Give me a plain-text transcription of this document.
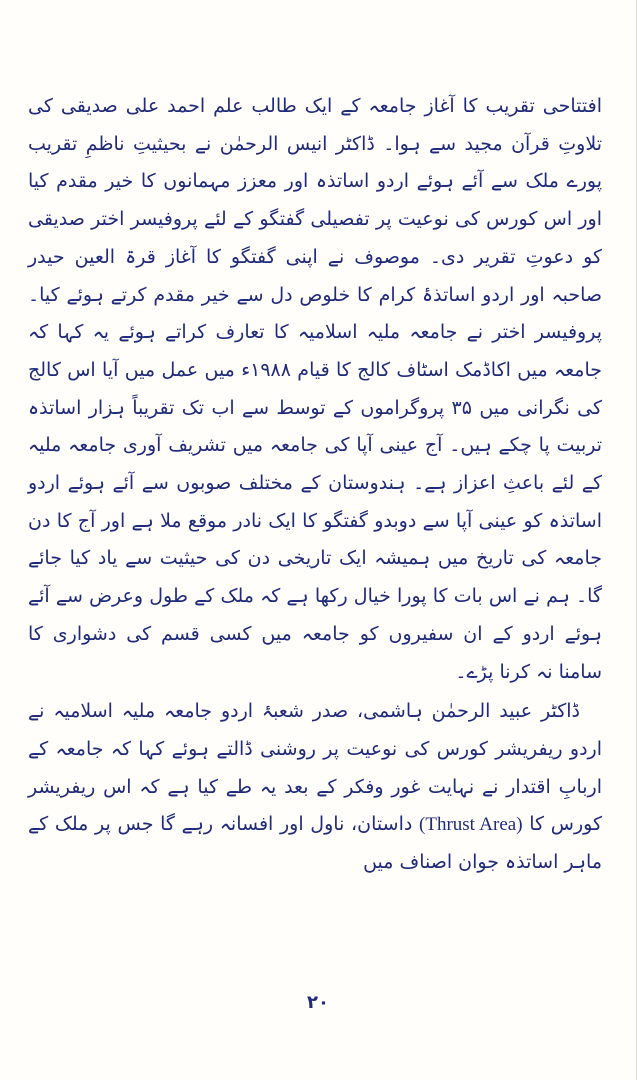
افتتاحی تقریب کا آغاز جامعہ کے ایک طالب علم احمد علی صدیقی کی تلاوتِ قرآن مجید سے ہوا۔ ڈاکٹر انیس الرحمٰن نے بحیثیتِ ناظمِ تقریب پورے ملک سے آئے ہوئے اردو اساتذہ اور معزز مہمانوں کا خیر مقدم کیا اور اس کورس کی نوعیت پر تفصیلی گفتگو کے لئے پروفیسر اختر صدیقی کو دعوتِ تقریر دی۔ موصوف نے اپنی گفتگو کا آغاز قرۃ العین حیدر صاحبہ اور اردو اساتذۂ کرام کا خلوص دل سے خیر مقدم کرتے ہوئے کیا۔ پروفیسر اختر نے جامعہ ملیہ اسلامیہ کا تعارف کراتے ہوئے یہ کہا کہ جامعہ میں اکاڈمک اسٹاف کالج کا قیام ۱۹۸۸ء میں عمل میں آیا اس کالج کی نگرانی میں ۳۵ پروگراموں کے توسط سے اب تک تقریباً ہزار اساتذہ تربیت پا چکے ہیں۔ آج عینی آپا کی جامعہ میں تشریف آوری جامعہ ملیہ کے لئے باعثِ اعزاز ہے۔ ہندوستان کے مختلف صوبوں سے آئے ہوئے اردو اساتذہ کو عینی آپا سے دوبدو گفتگو کا ایک نادر موقع ملا ہے اور آج کا دن جامعہ کی تاریخ میں ہمیشہ ایک تاریخی دن کی حیثیت سے یاد کیا جائے گا۔ ہم نے اس بات کا پورا خیال رکھا ہے کہ ملک کے طول وعرض سے آئے ہوئے اردو کے ان سفیروں کو جامعہ میں کسی قسم کی دشواری کا سامنا نہ کرنا پڑے۔

ڈاکٹر عبید الرحمٰن ہاشمی، صدر شعبۂ اردو جامعہ ملیہ اسلامیہ نے اردو ریفریشر کورس کی نوعیت پر روشنی ڈالتے ہوئے کہا کہ جامعہ کے اربابِ اقتدار نے نہایت غور وفکر کے بعد یہ طے کیا ہے کہ اس ریفریشر کورس کا (Thrust Area) داستان، ناول اور افسانہ رہے گا جس پر ملک کے ماہر اساتذہ جوان اصناف میں

۲۰
